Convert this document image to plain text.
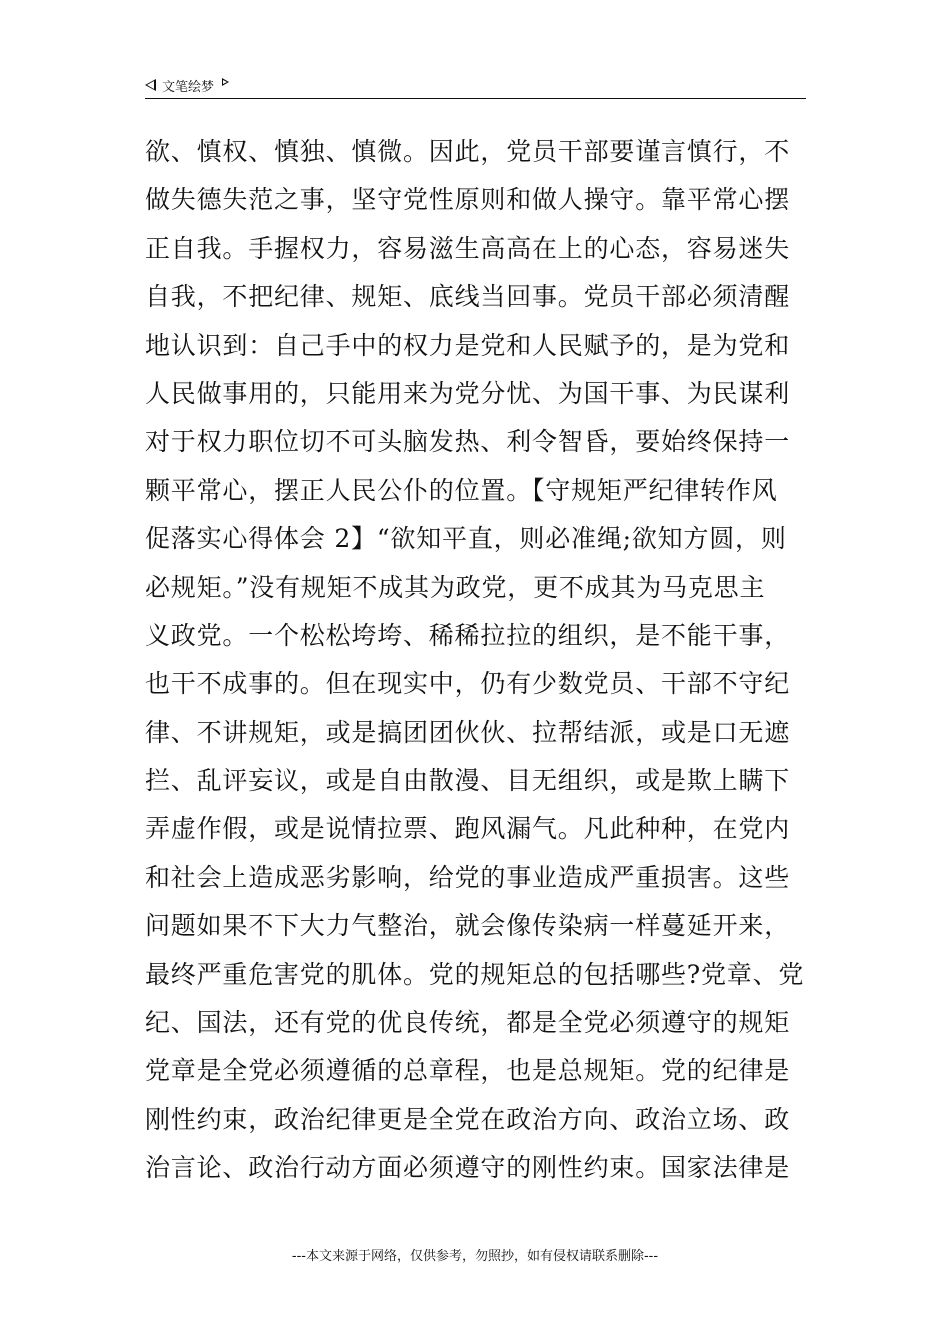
文笔绘梦
欲、慎权、慎独、慎微。因此，党员干部要谨言慎行，不
做失德失范之事，坚守党性原则和做人操守。靠平常心摆
正自我。手握权力，容易滋生高高在上的心态，容易迷失
自我，不把纪律、规矩、底线当回事。党员干部必须清醒
地认识到：自己手中的权力是党和人民赋予的，是为党和
人民做事用的，只能用来为党分忧、为国干事、为民谋利
对于权力职位切不可头脑发热、利令智昏，要始终保持一
颗平常心，摆正人民公仆的位置。【守规矩严纪律转作风
促落实心得体会 2】“欲知平直，则必准绳;欲知方圆，则
必规矩。”没有规矩不成其为政党，更不成其为马克思主
义政党。一个松松垮垮、稀稀拉拉的组织，是不能干事，
也干不成事的。但在现实中，仍有少数党员、干部不守纪
律、不讲规矩，或是搞团团伙伙、拉帮结派，或是口无遮
拦、乱评妄议，或是自由散漫、目无组织，或是欺上瞒下
弄虚作假，或是说情拉票、跑风漏气。凡此种种，在党内
和社会上造成恶劣影响，给党的事业造成严重损害。这些
问题如果不下大力气整治，就会像传染病一样蔓延开来，
最终严重危害党的肌体。党的规矩总的包括哪些?党章、党
纪、国法，还有党的优良传统，都是全党必须遵守的规矩
党章是全党必须遵循的总章程，也是总规矩。党的纪律是
刚性约束，政治纪律更是全党在政治方向、政治立场、政
治言论、政治行动方面必须遵守的刚性约束。国家法律是
---本文来源于网络，仅供参考，勿照抄，如有侵权请联系删除---
